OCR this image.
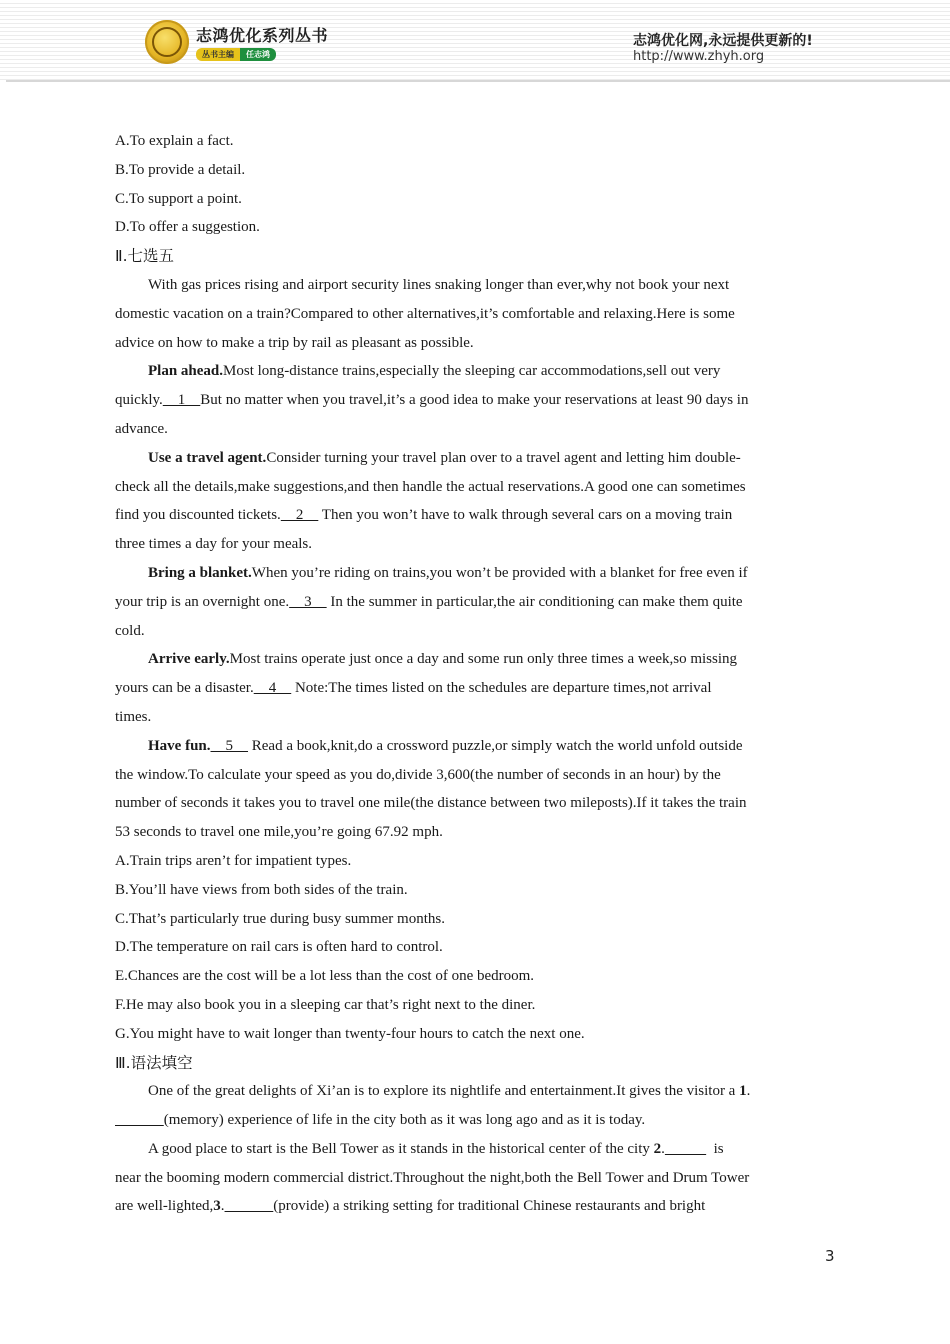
志鸿优化系列丛书
丛书主编	任志鸿
志鸿优化网,永远提供更新的!
http://www.zhyh.org
A.To explain a fact.
B.To provide a detail.
C.To support a point.
D.To offer a suggestion.
Ⅱ.七选五
With gas prices rising and airport security lines snaking longer than ever,why not book your next
domestic vacation on a train?Compared to other alternatives,it’s comfortable and relaxing.Here is some
advice on how to make a trip by rail as pleasant as possible.
Plan ahead.Most long-distance trains,especially the sleeping car accommodations,sell out very
quickly.    1    But no matter when you travel,it’s a good idea to make your reservations at least 90 days in
advance.
Use a travel agent.Consider turning your travel plan over to a travel agent and letting him double-
check all the details,make suggestions,and then handle the actual reservations.A good one can sometimes
find you discounted tickets.    2     Then you won’t have to walk through several cars on a moving train
three times a day for your meals.
Bring a blanket.When you’re riding on trains,you won’t be provided with a blanket for free even if
your trip is an overnight one.    3     In the summer in particular,the air conditioning can make them quite
cold.
Arrive early.Most trains operate just once a day and some run only three times a week,so missing
yours can be a disaster.    4     Note:The times listed on the schedules are departure times,not arrival
times.
Have fun.    5     Read a book,knit,do a crossword puzzle,or simply watch the world unfold outside
the window.To calculate your speed as you do,divide 3,600(the number of seconds in an hour) by the
number of seconds it takes you to travel one mile(the distance between two mileposts).If it takes the train
53 seconds to travel one mile,you’re going 67.92 mph.
A.Train trips aren’t for impatient types.
B.You’ll have views from both sides of the train.
C.That’s particularly true during busy summer months.
D.The temperature on rail cars is often hard to control.
E.Chances are the cost will be a lot less than the cost of one bedroom.
F.He may also book you in a sleeping car that’s right next to the diner.
G.You might have to wait longer than twenty-four hours to catch the next one.
Ⅲ.语法填空
One of the great delights of Xi’an is to explore its nightlife and entertainment.It gives the visitor a 1.
(memory) experience of life in the city both as it was long ago and as it is today.
A good place to start is the Bell Tower as it stands in the historical center of the city 2.	is
near the booming modern commercial district.Throughout the night,both the Bell Tower and Drum Tower
are well-lighted,3.	(provide) a striking setting for traditional Chinese restaurants and bright
3
